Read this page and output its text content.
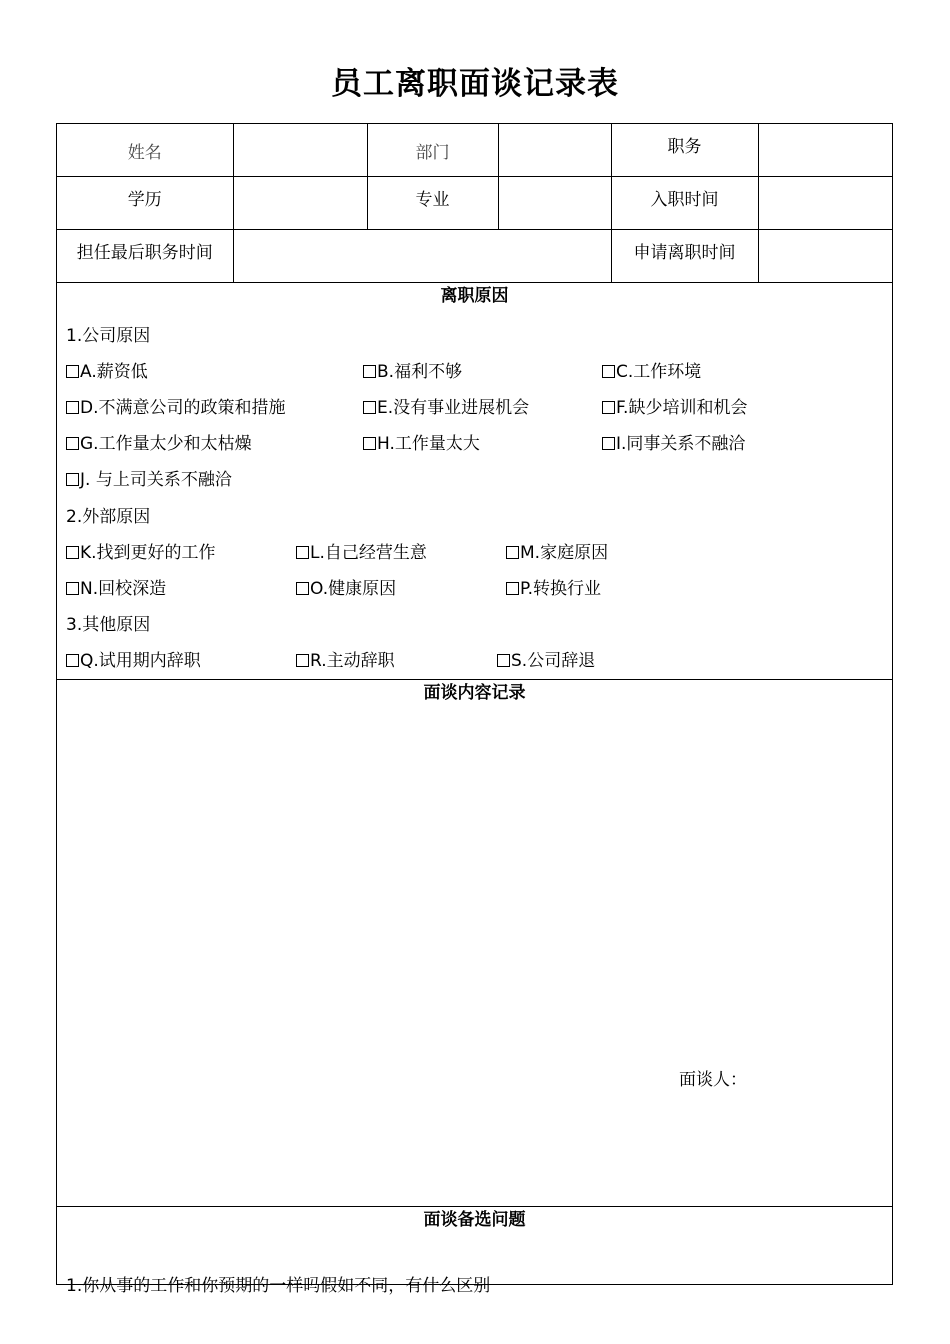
员工离职面谈记录表
姓名		部门		职务	
学历		专业		入职时间	
担任最后职务时间				申请离职时间	
离职原因
1.公司原因
A.薪资低	B.福利不够	C.工作环境
D.不满意公司的政策和措施	E.没有事业进展机会	F.缺少培训和机会
G.工作量太少和太枯燥	H.工作量太大	I.同事关系不融洽
J. 与上司关系不融洽
2.外部原因
K.找到更好的工作	L.自己经营生意	M.家庭原因
N.回校深造	O.健康原因	P.转换行业
3.其他原因
Q.试用期内辞职	R.主动辞职	S.公司辞退
面谈内容记录
面谈人：
面谈备选问题
1.你从事的工作和你预期的一样吗假如不同，有什么区别
